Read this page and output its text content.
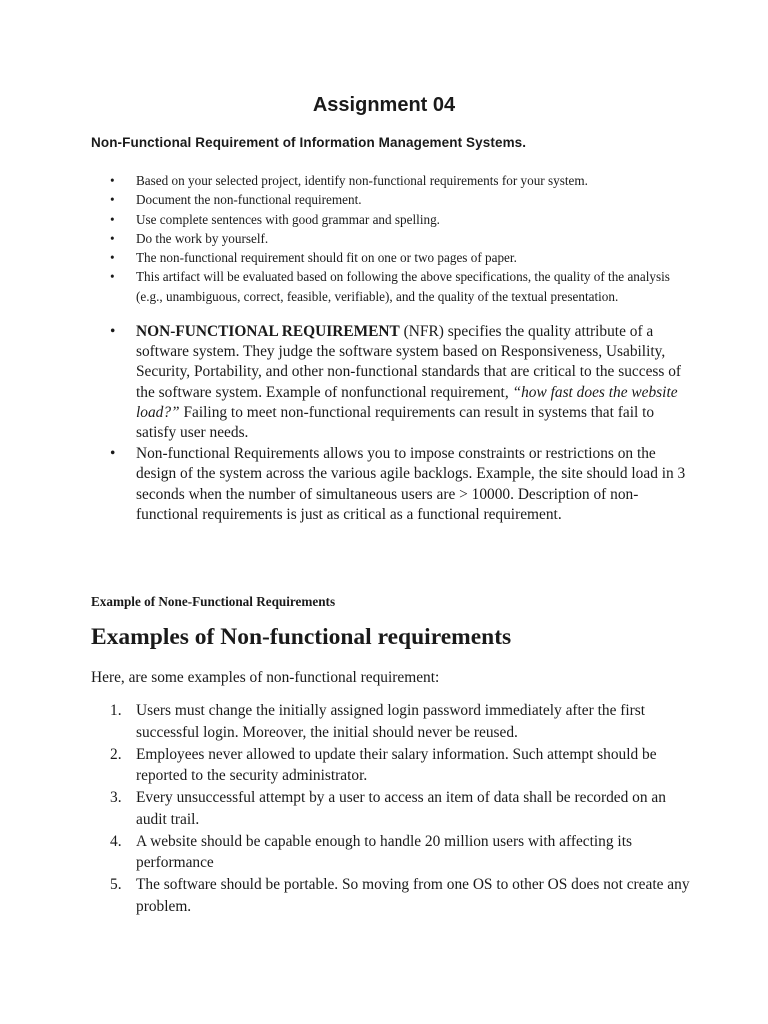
Assignment 04

Non-Functional Requirement of Information Management Systems.

• Based on your selected project, identify non-functional requirements for your system.
• Document the non-functional requirement.
• Use complete sentences with good grammar and spelling.
• Do the work by yourself.
• The non-functional requirement should fit on one or two pages of paper.
• This artifact will be evaluated based on following the above specifications, the quality of the analysis (e.g., unambiguous, correct, feasible, verifiable), and the quality of the textual presentation.
• NON-FUNCTIONAL REQUIREMENT (NFR) specifies the quality attribute of a software system. They judge the software system based on Responsiveness, Usability, Security, Portability, and other non-functional standards that are critical to the success of the software system. Example of nonfunctional requirement, “how fast does the website load?” Failing to meet non-functional requirements can result in systems that fail to satisfy user needs.
• Non-functional Requirements allows you to impose constraints or restrictions on the design of the system across the various agile backlogs. Example, the site should load in 3 seconds when the number of simultaneous users are > 10000. Description of non-functional requirements is just as critical as a functional requirement.

Example of None-Functional Requirements

Examples of Non-functional requirements

Here, are some examples of non-functional requirement:

1. Users must change the initially assigned login password immediately after the first successful login. Moreover, the initial should never be reused.
2. Employees never allowed to update their salary information. Such attempt should be reported to the security administrator.
3. Every unsuccessful attempt by a user to access an item of data shall be recorded on an audit trail.
4. A website should be capable enough to handle 20 million users with affecting its performance
5. The software should be portable. So moving from one OS to other OS does not create any problem.
